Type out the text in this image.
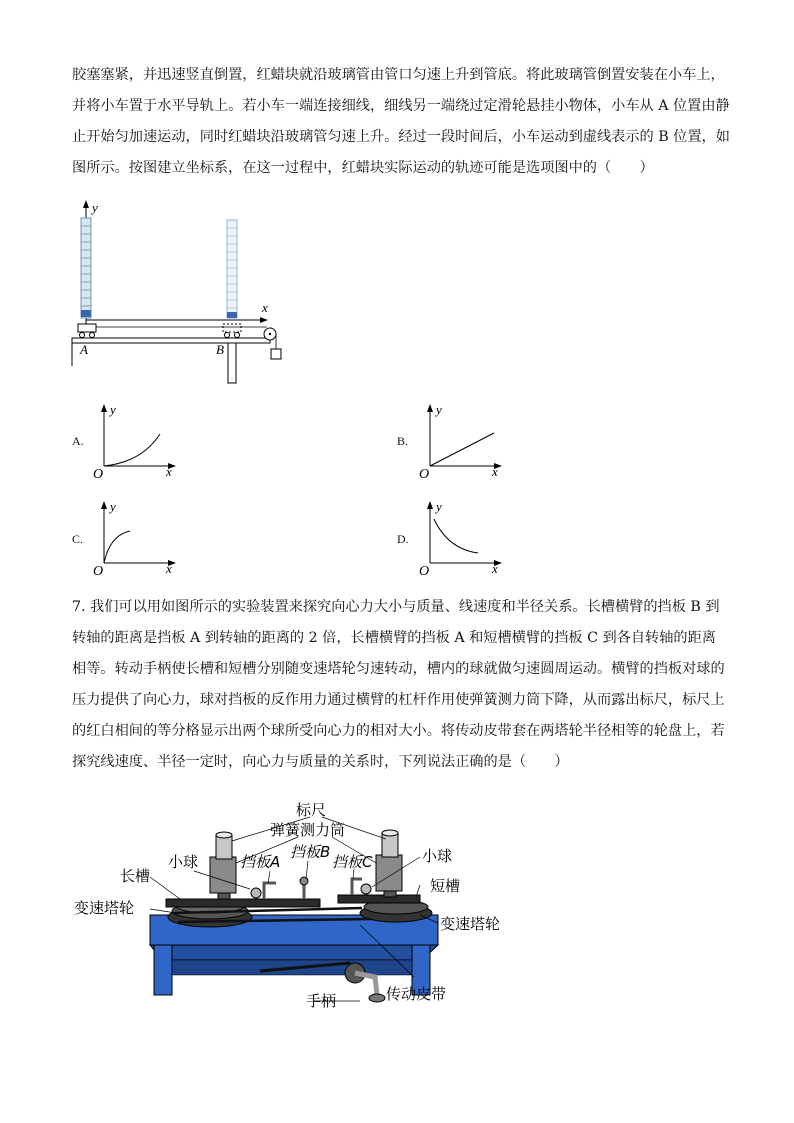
胶塞塞紧，并迅速竖直倒置，红蜡块就沿玻璃管由管口匀速上升到管底。将此玻璃管倒置安装在小车上，
并将小车置于水平导轨上。若小车一端连接细线，细线另一端绕过定滑轮悬挂小物体，小车从 A 位置由静
止开始匀加速运动，同时红蜡块沿玻璃管匀速上升。经过一段时间后，小车运动到虚线表示的 B 位置，如
图所示。按图建立坐标系，在这一过程中，红蜡块实际运动的轨迹可能是选项图中的（　　）
y
x
A	B
A.
y
x
O
B.
y
x
O
C.
y
x
O
D.
y
x
O
7. 我们可以用如图所示的实验装置来探究向心力大小与质量、线速度和半径关系。长槽横臂的挡板 B 到
转轴的距离是挡板 A 到转轴的距离的 2 倍，长槽横臂的挡板 A 和短槽横臂的挡板 C 到各自转轴的距离
相等。转动手柄使长槽和短槽分别随变速塔轮匀速转动，槽内的球就做匀速圆周运动。横臂的挡板对球的
压力提供了向心力，球对挡板的反作用力通过横臂的杠杆作用使弹簧测力筒下降，从而露出标尺，标尺上
的红白相间的等分格显示出两个球所受向心力的相对大小。将传动皮带套在两塔轮半径相等的轮盘上，若
探究线速度、半径一定时，向心力与质量的关系时，下列说法正确的是（　　）
标尺
弹簧测力筒
小球	挡板A
挡板B
挡板C	小球
长槽
短槽
变速塔轮
变速塔轮
手柄	传动皮带
